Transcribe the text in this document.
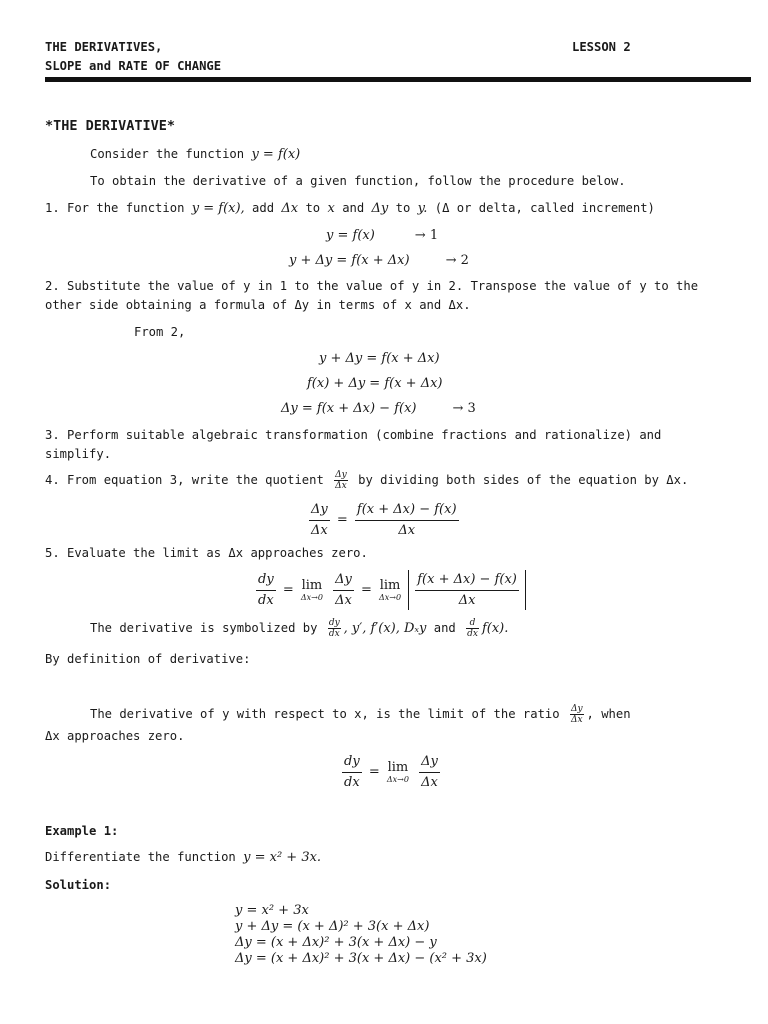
THE DERIVATIVES,
SLOPE and RATE OF CHANGE
LESSON 2
*THE DERIVATIVE*
Consider the function y = f(x)
To obtain the derivative of a given function, follow the procedure below.
1. For the function y = f(x), add Δx to x and Δy to y. (Δ or delta, called increment)
y = f(x)	→ 1
y + Δy = f(x + Δx)	→ 2
2. Substitute the value of y in 1 to the value of y in 2. Transpose the value of y to the
other side obtaining a formula of Δy in terms of x and Δx.
From 2,
y + Δy = f(x + Δx)
f(x) + Δy = f(x + Δx)
Δy = f(x + Δx) − f(x)	→ 3
3. Perform suitable algebraic transformation (combine fractions and rationalize) and
simplify.
4. From equation 3, write the quotient $\frac{\Delta y}{\Delta x}$ by dividing both sides of the equation by Δx.
$\frac{\Delta y}{\Delta x} = \frac{f(x + \Delta x) - f(x)}{\Delta x}$
5. Evaluate the limit as Δx approaches zero.
$\frac{dy}{dx} = \lim$
Δx→0
$\frac{\Delta y}{\Delta x} = \lim$
Δx→0
$\frac{f(x + \Delta x) - f(x)}{\Delta x}$
The derivative is symbolized by $\frac{dy}{dx}$ , y′, f′(x), Dₓy and $\frac{d}{dx} f(x)$.
By definition of derivative:
The derivative of y with respect to x, is the limit of the ratio $\frac{\Delta y}{\Delta x}$ , when
Δx approaches zero.
$\frac{dy}{dx} = \lim$
Δx→0
$\frac{\Delta y}{\Delta x}$
Example 1:
Differentiate the function y = x² + 3x.
Solution:
y = x² + 3x
y + Δy = (x + Δ)² + 3(x + Δx)
Δy = (x + Δx)² + 3(x + Δx) − y
Δy = (x + Δx)² + 3(x + Δx) − (x² + 3x)
